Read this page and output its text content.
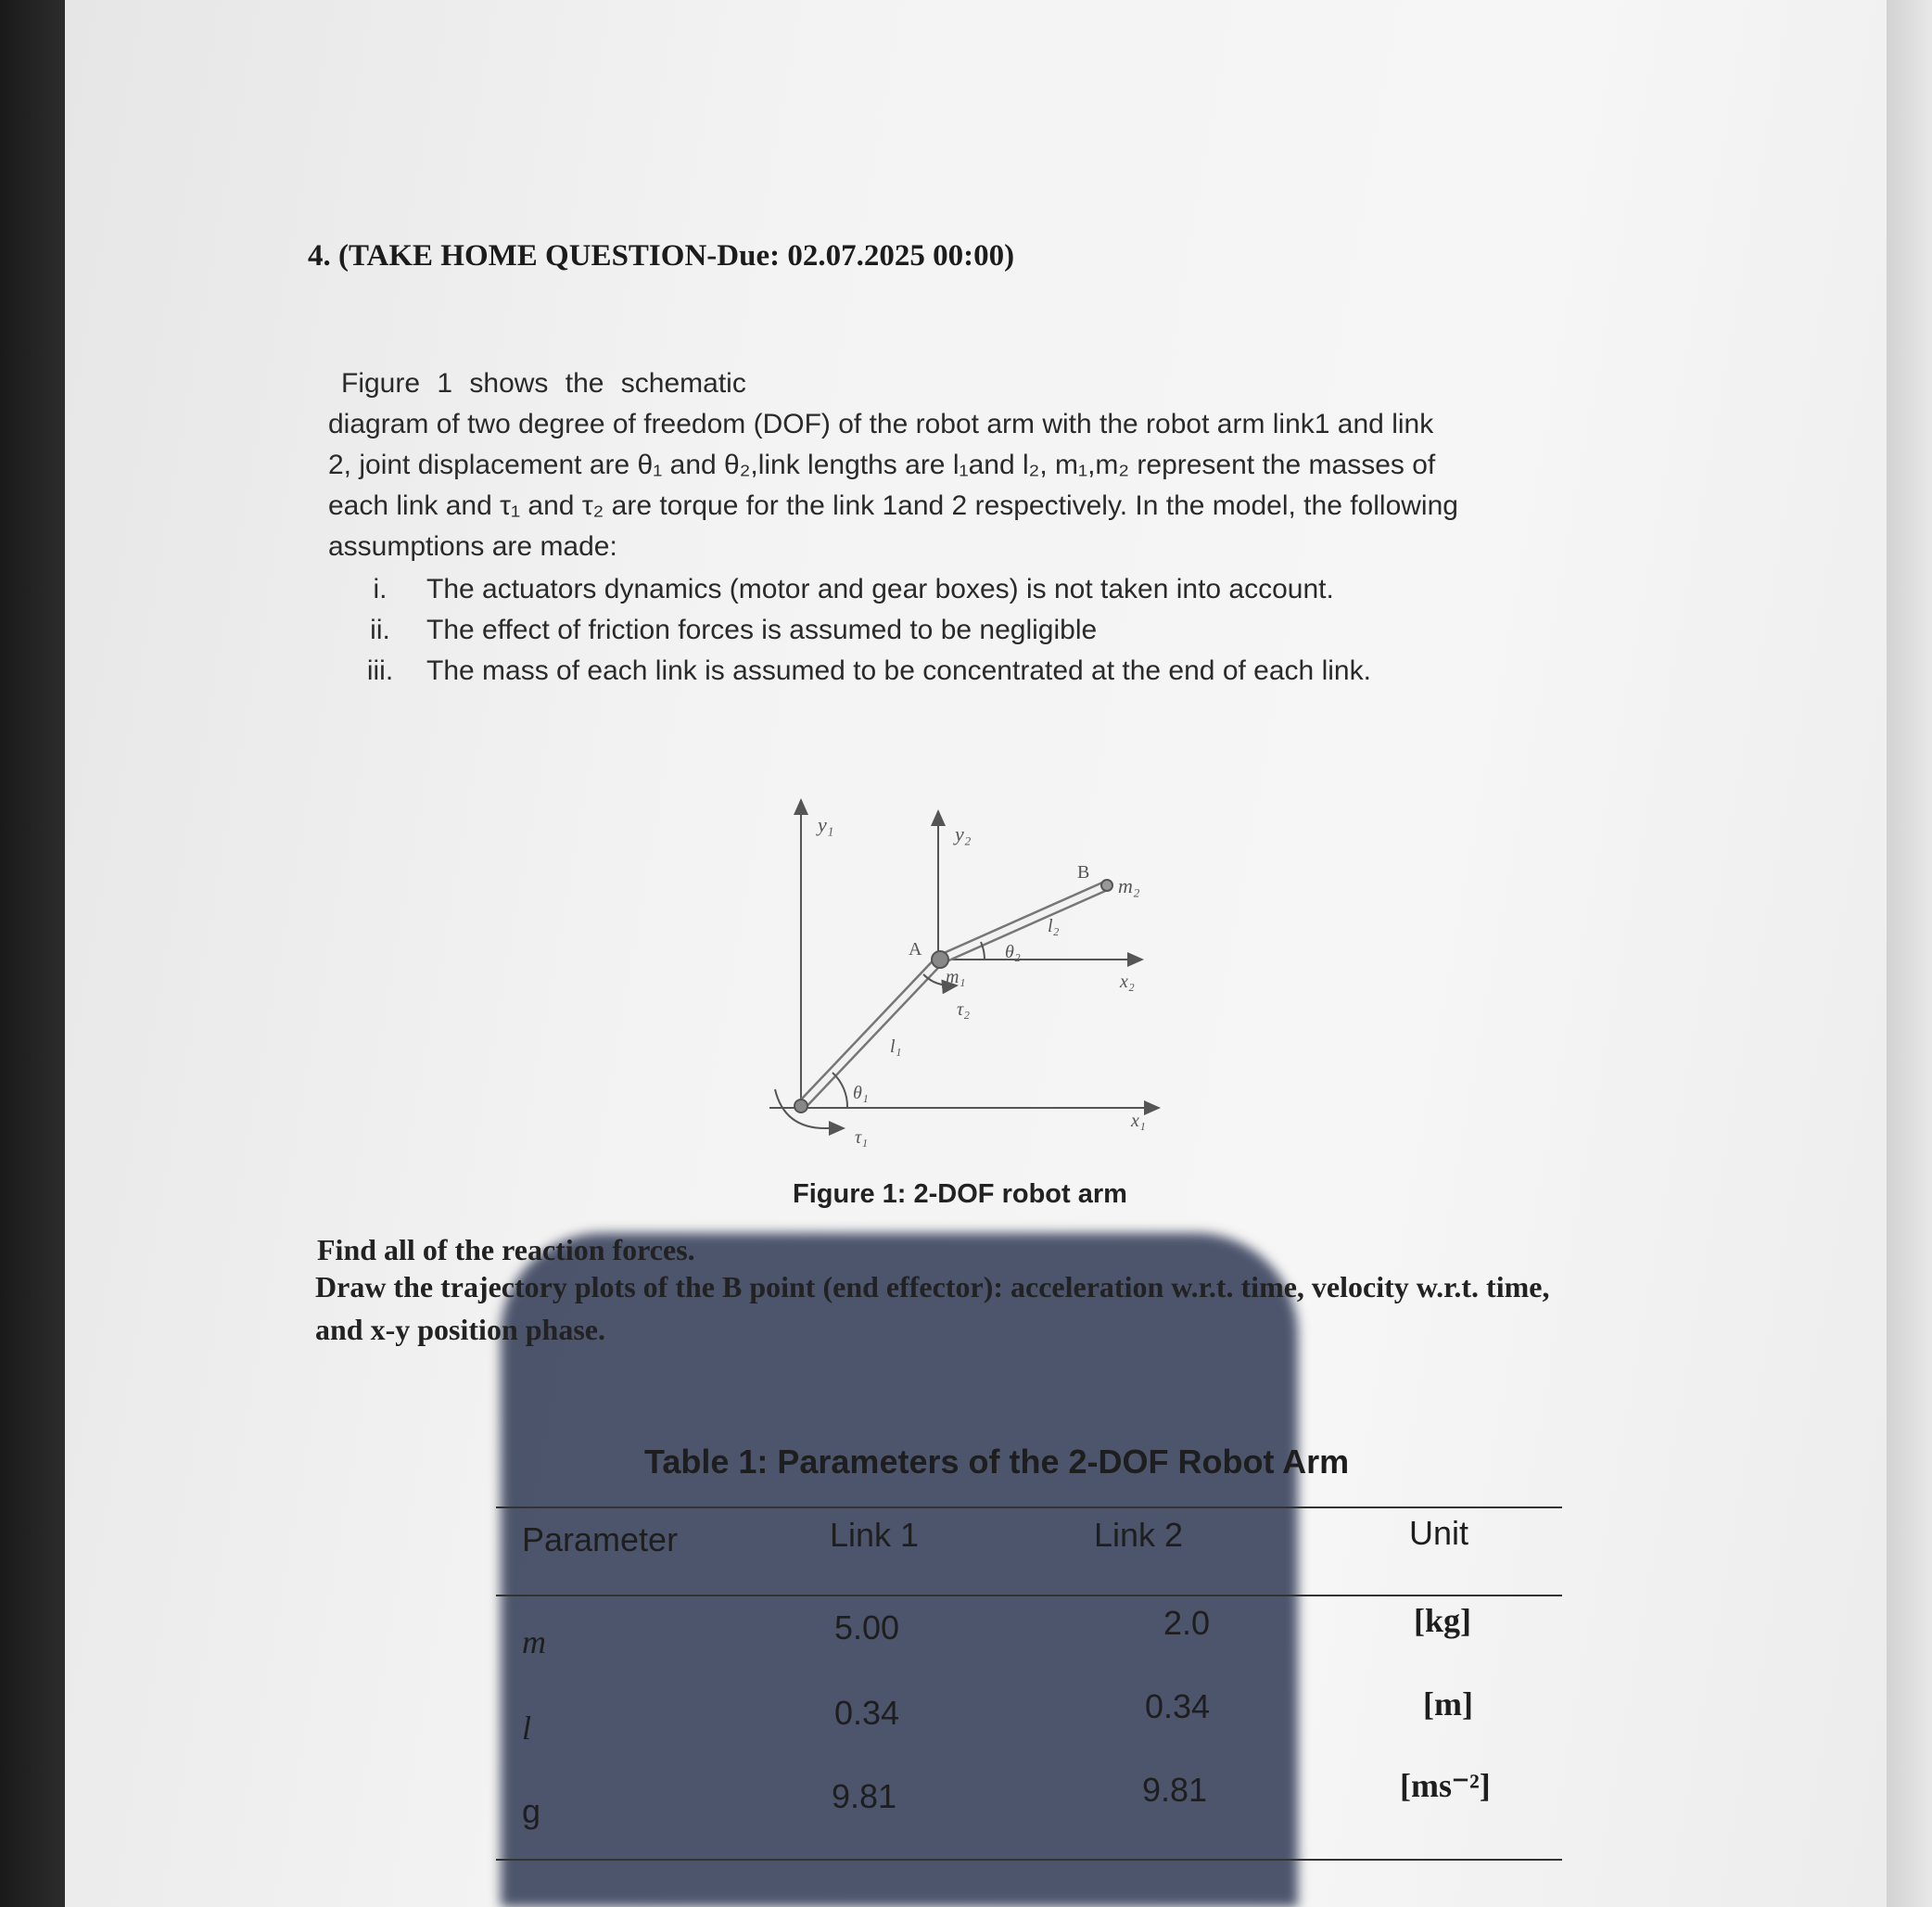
4. (TAKE HOME QUESTION-Due: 02.07.2025 00:00)
Figure 1 shows the schematic
diagram of two degree of freedom (DOF) of the robot arm with the robot arm link1 and link
2, joint displacement are θ₁ and θ₂,link lengths are l₁and l₂, m₁,m₂ represent the masses of
each link and τ₁ and τ₂ are torque for the link 1and 2 respectively. In the model, the following
assumptions are made:
i.	The actuators dynamics (motor and gear boxes) is not taken into account.
ii.	The effect of friction forces is assumed to be negligible
iii.	The mass of each link is assumed to be concentrated at the end of each link.
y₁	y₂
x₁
x₂
A
B
m₂
m₁
l₂
l₁
θ₁
θ₂
τ₁
τ₂
Figure 1: 2-DOF robot arm
Find all of the reaction forces.
Draw the trajectory plots of the B point (end effector): acceleration w.r.t. time, velocity w.r.t. time,
and x-y position phase.
Table 1: Parameters of the 2-DOF Robot Arm
Parameter	Link 1	Link 2	Unit
m	5.00	2.0	[kg]
l	0.34	0.34	[m]
g	9.81	9.81	[ms⁻²]
